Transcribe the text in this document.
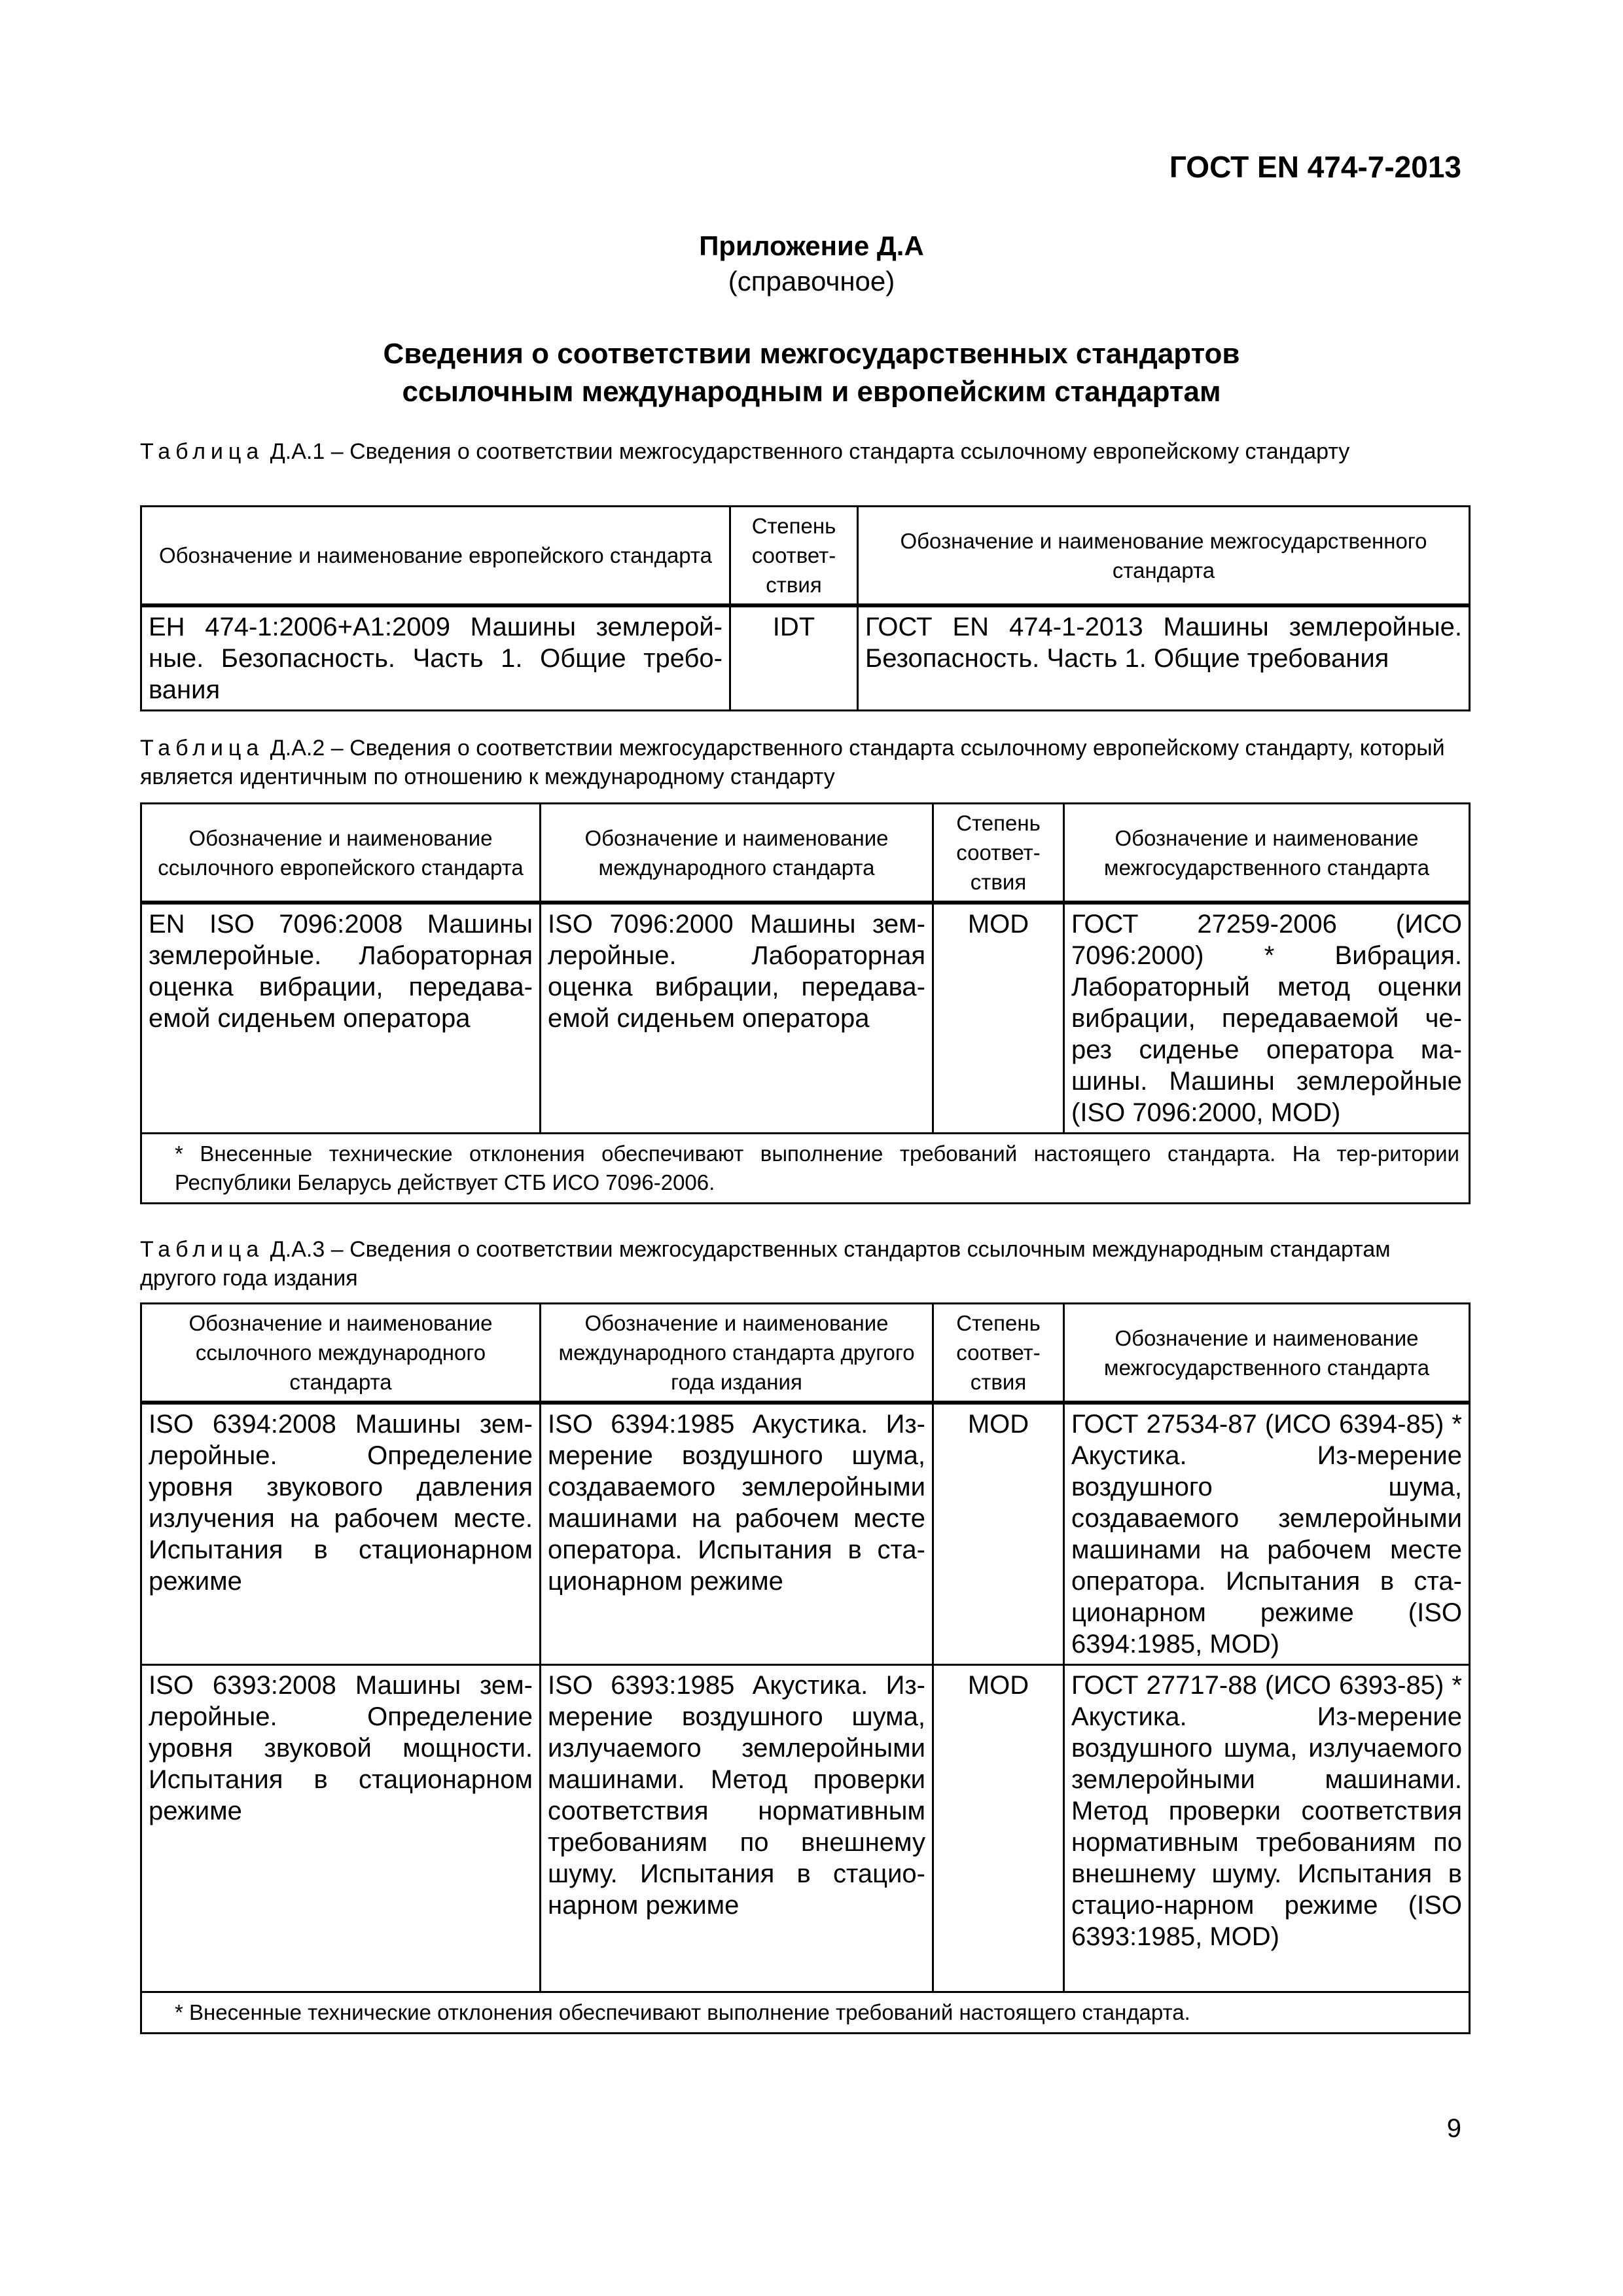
ГОСТ EN 474-7-2013
Приложение Д.А
(справочное)
Сведения о соответствии межгосударственных стандартов
ссылочным международным и европейским стандартам
Таблица Д.А.1 – Сведения о соответствии межгосударственного стандарта ссылочному европейскому стандарту
Обозначение и наименование европейского стандарта	Степень соответ-ствия	Обозначение и наименование межгосударственного стандарта
ЕН 474-1:2006+А1:2009 Машины землерой-ные. Безопасность. Часть 1. Общие требо-вания	IDT	ГОСТ EN 474-1-2013 Машины землеройные. Безопасность. Часть 1. Общие требования
Таблица Д.А.2 – Сведения о соответствии межгосударственного стандарта ссылочному европейскому стандарту, который является идентичным по отношению к международному стандарту
Обозначение и наименование ссылочного европейского стандарта	Обозначение и наименование международного стандарта	Степень соответ-ствия	Обозначение и наименование межгосударственного стандарта
EN ISO 7096:2008 Машины землеройные. Лабораторная оценка вибрации, передава-емой сиденьем оператора	ISO 7096:2000 Машины зем-леройные. Лабораторная оценка вибрации, передава-емой сиденьем оператора	MOD	ГОСТ 27259-2006 (ИСО 7096:2000) * Вибрация. Лабораторный метод оценки вибрации, передаваемой че-рез сиденье оператора ма-шины. Машины землеройные (ISO 7096:2000, MOD)
* Внесенные технические отклонения обеспечивают выполнение требований настоящего стандарта. На тер-ритории Республики Беларусь действует СТБ ИСО 7096-2006.			
Таблица Д.А.3 – Сведения о соответствии межгосударственных стандартов ссылочным международным стандартам другого года издания
Обозначение и наименование ссылочного международного стандарта	Обозначение и наименование международного стандарта другого года издания	Степень соответ-ствия	Обозначение и наименование межгосударственного стандарта
ISO 6394:2008 Машины зем-леройные. Определение уровня звукового давления излучения на рабочем месте. Испытания в стационарном режиме	ISO 6394:1985 Акустика. Из-мерение воздушного шума, создаваемого землеройными машинами на рабочем месте оператора. Испытания в ста-ционарном режиме	MOD	ГОСТ 27534-87 (ИСО 6394-85) * Акустика. Из-мерение воздушного шума, создаваемого землеройными машинами на рабочем месте оператора. Испытания в ста-ционарном режиме (ISO 6394:1985, MOD)
ISO 6393:2008 Машины зем-леройные. Определение уровня звуковой мощности. Испытания в стационарном режиме	ISO 6393:1985 Акустика. Из-мерение воздушного шума, излучаемого землеройными машинами. Метод проверки соответствия нормативным требованиям по внешнему шуму. Испытания в стацио-нарном режиме	MOD	ГОСТ 27717-88 (ИСО 6393-85) * Акустика. Из-мерение воздушного шума, излучаемого землеройными машинами. Метод проверки соответствия нормативным требованиям по внешнему шуму. Испытания в стацио-нарном режиме (ISO 6393:1985, MOD)
* Внесенные технические отклонения обеспечивают выполнение требований настоящего стандарта.			
9
